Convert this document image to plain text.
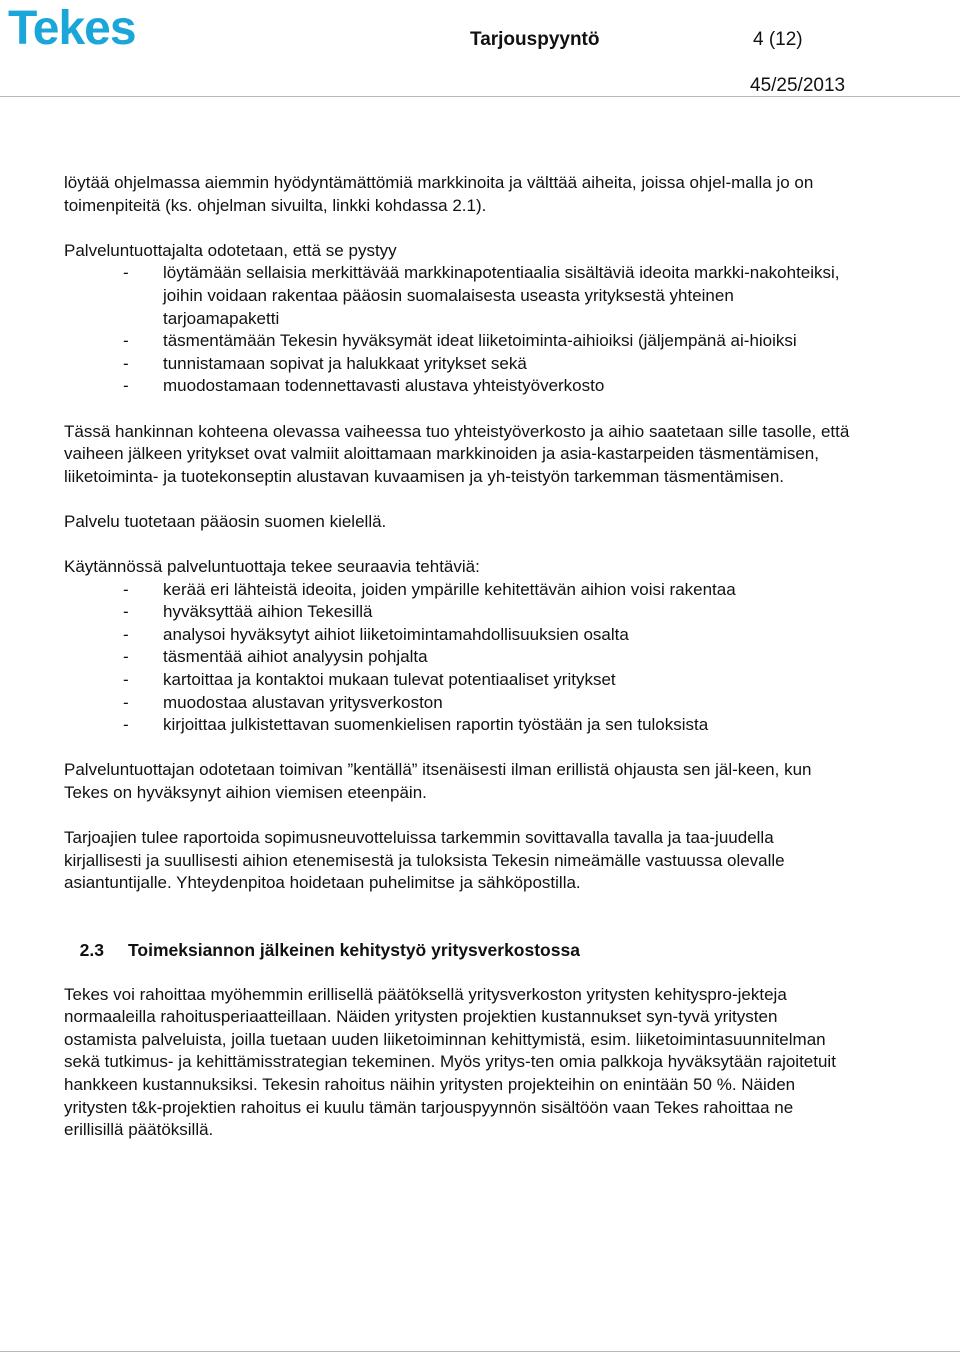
Tekes	Tarjouspyyntö	4 (12)
45/25/2013

löytää ohjelmassa aiemmin hyödyntämättömiä markkinoita ja välttää aiheita, joissa ohjel-malla jo on toimenpiteitä (ks. ohjelman sivuilta, linkki kohdassa 2.1).

Palveluntuottajalta odotetaan, että se pystyy

- löytämään sellaisia merkittävää markkinapotentiaalia sisältäviä ideoita markki-nakohteiksi, joihin voidaan rakentaa pääosin suomalaisesta useasta yrityksestä yhteinen tarjoamapaketti
- täsmentämään Tekesin hyväksymät ideat liiketoiminta-aihioiksi (jäljempänä ai-hioiksi
- tunnistamaan sopivat ja halukkaat yritykset sekä
- muodostamaan todennettavasti alustava yhteistyöverkosto

Tässä hankinnan kohteena olevassa vaiheessa tuo yhteistyöverkosto ja aihio saatetaan sille tasolle, että vaiheen jälkeen yritykset ovat valmiit aloittamaan markkinoiden ja asia-kastarpeiden täsmentämisen, liiketoiminta- ja tuotekonseptin alustavan kuvaamisen ja yh-teistyön tarkemman täsmentämisen.

Palvelu tuotetaan pääosin suomen kielellä.

Käytännössä palveluntuottaja tekee seuraavia tehtäviä:

- kerää eri lähteistä ideoita, joiden ympärille kehitettävän aihion voisi rakentaa
- hyväksyttää aihion Tekesillä
- analysoi hyväksytyt aihiot liiketoimintamahdollisuuksien osalta
- täsmentää aihiot analyysin pohjalta
- kartoittaa ja kontaktoi mukaan tulevat potentiaaliset yritykset
- muodostaa alustavan yritysverkoston
- kirjoittaa julkistettavan suomenkielisen raportin työstään ja sen tuloksista

Palveluntuottajan odotetaan toimivan ”kentällä” itsenäisesti ilman erillistä ohjausta sen jäl-keen, kun Tekes on hyväksynyt aihion viemisen eteenpäin.

Tarjoajien tulee raportoida sopimusneuvotteluissa tarkemmin sovittavalla tavalla ja taa-juudella kirjallisesti ja suullisesti aihion etenemisestä ja tuloksista Tekesin nimeämälle vastuussa olevalle asiantuntijalle. Yhteydenpitoa hoidetaan puhelimitse ja sähköpostilla.

2.3 Toimeksiannon jälkeinen kehitystyö yritysverkostossa

Tekes voi rahoittaa myöhemmin erillisellä päätöksellä yritysverkoston yritysten kehityspro-jekteja normaaleilla rahoitusperiaatteillaan. Näiden yritysten projektien kustannukset syn-tyvä yritysten ostamista palveluista, joilla tuetaan uuden liiketoiminnan kehittymistä, esim. liiketoimintasuunnitelman sekä tutkimus- ja kehittämisstrategian tekeminen. Myös yritys-ten omia palkkoja hyväksytään rajoitetuit hankkeen kustannuksiksi. Tekesin rahoitus näihin yritysten projekteihin on enintään 50 %. Näiden yritysten t&k-projektien rahoitus ei kuulu tämän tarjouspyynnön sisältöön vaan Tekes rahoittaa ne erillisillä päätöksillä.
